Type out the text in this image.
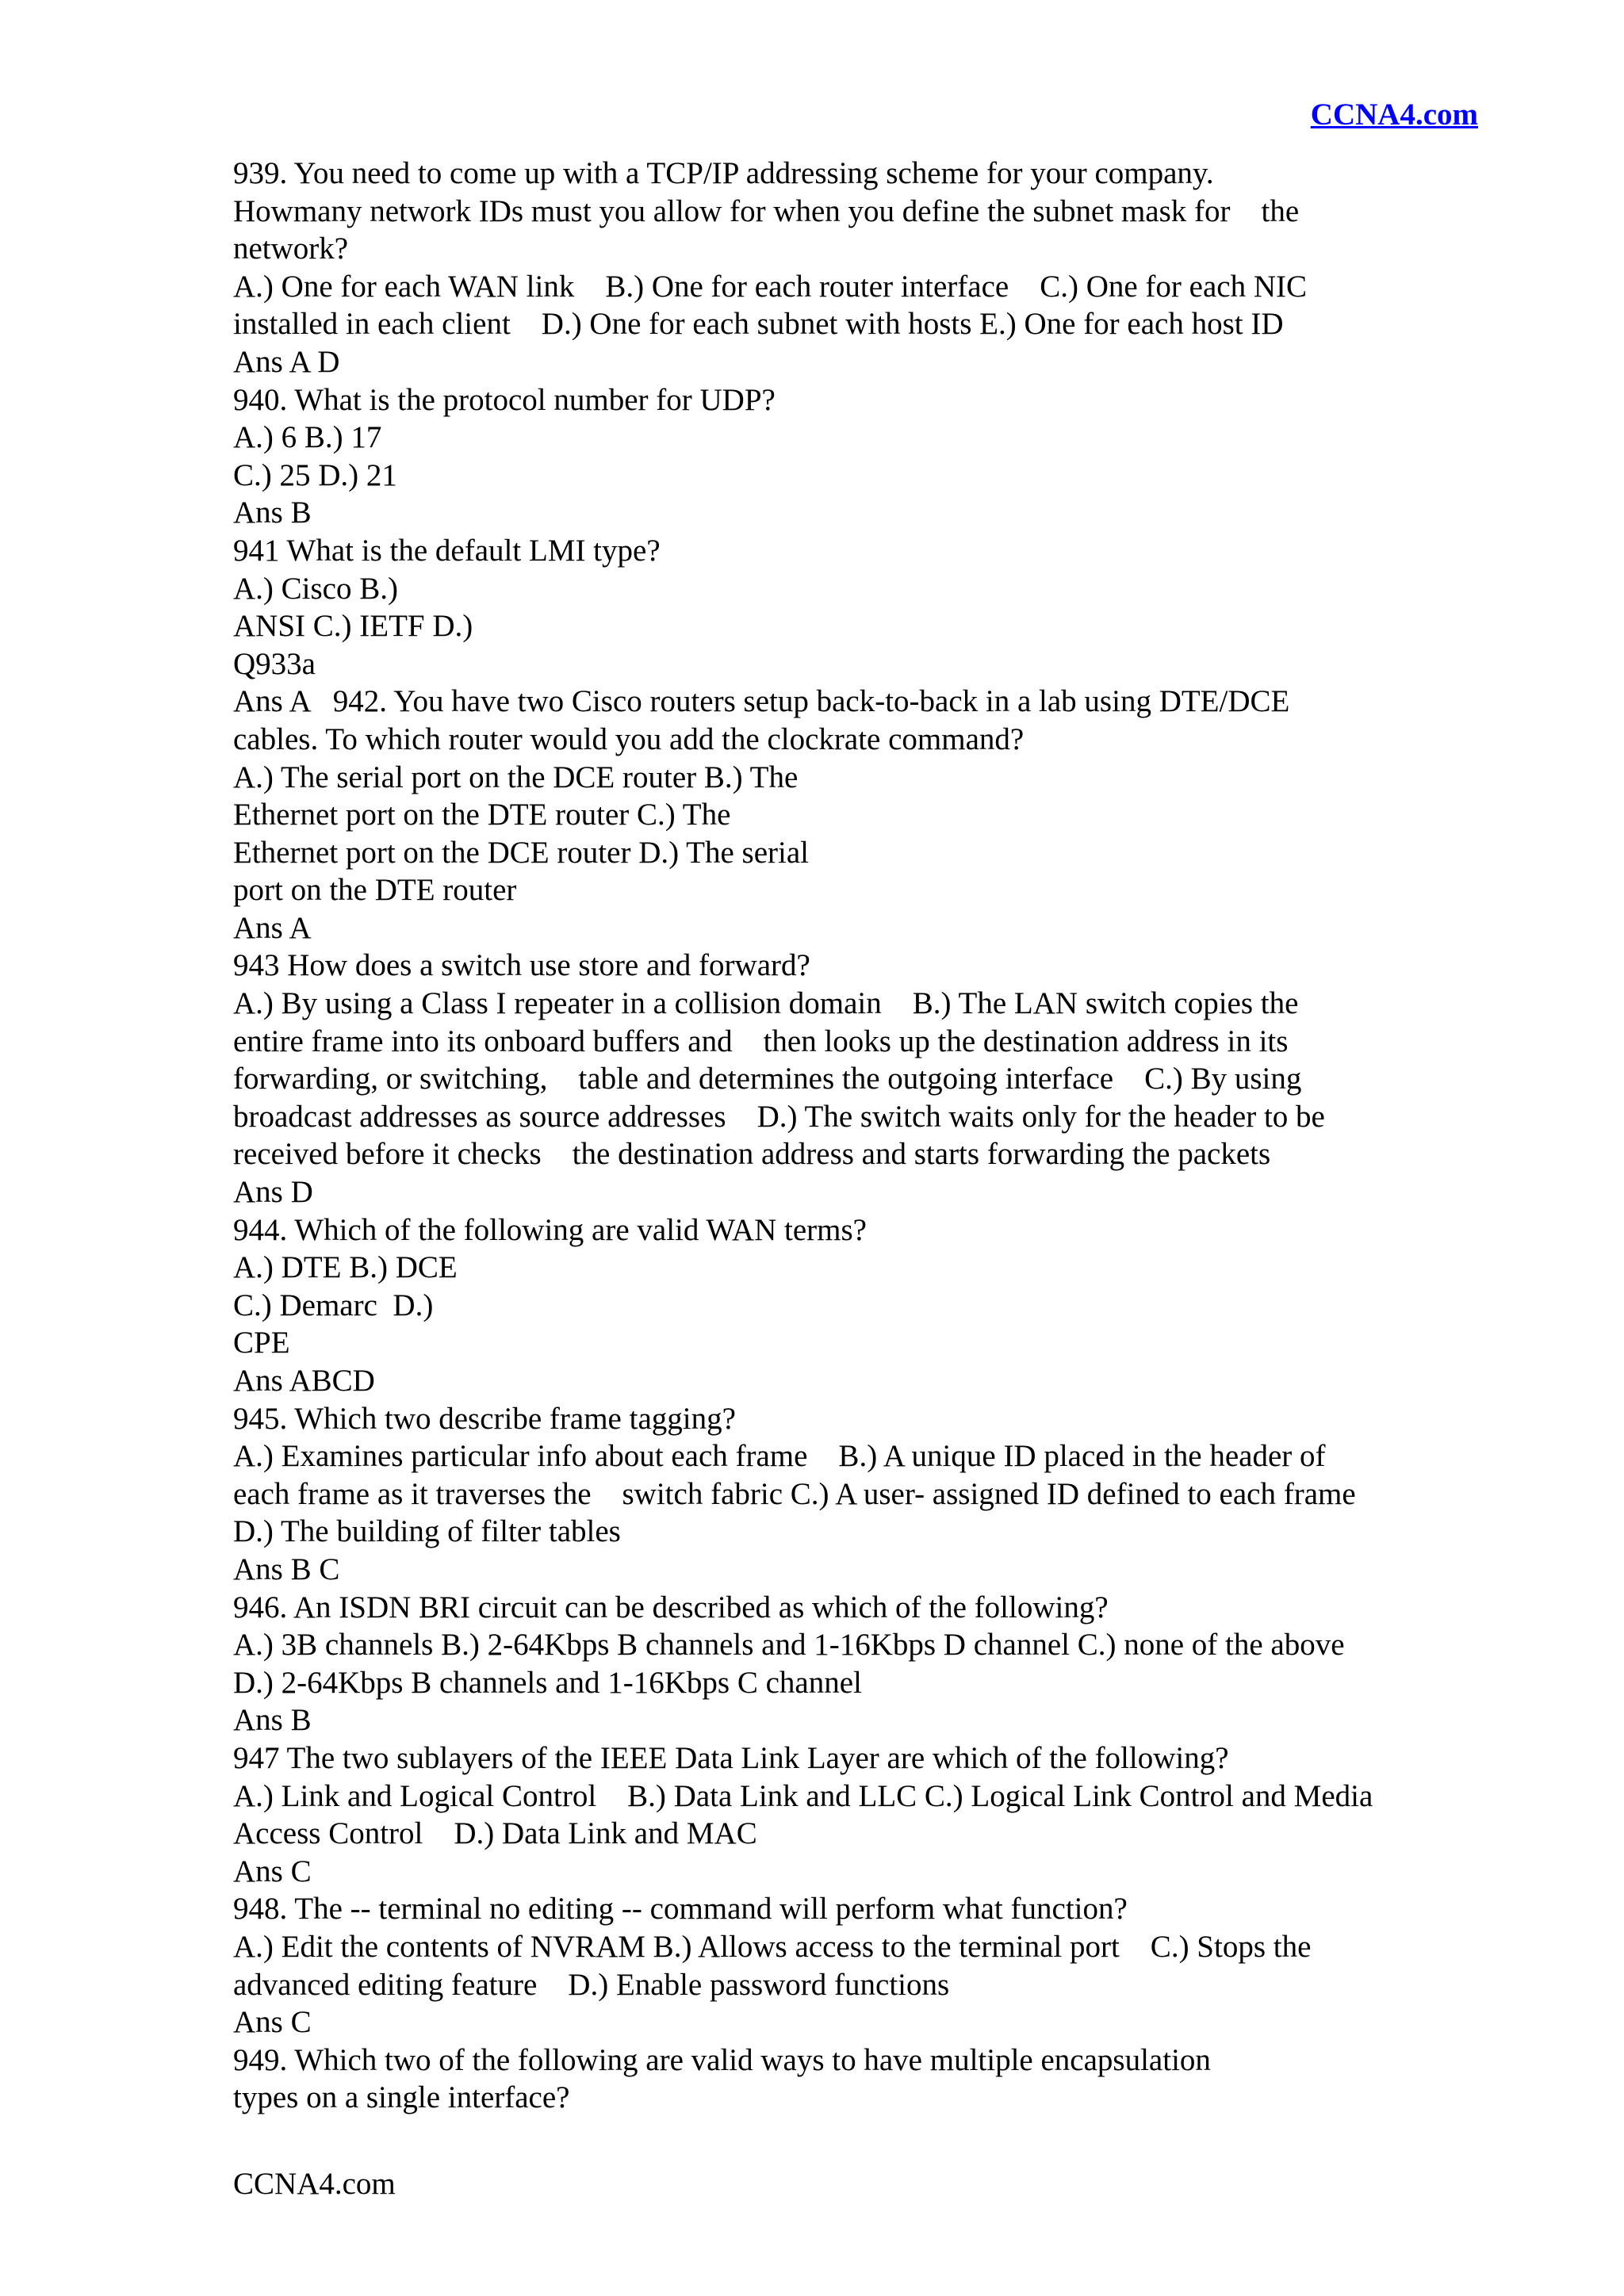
CCNA4.com
939. You need to come up with a TCP/IP addressing scheme for your company.
Howmany network IDs must you allow for when you define the subnet mask for    the
network?
A.) One for each WAN link    B.) One for each router interface    C.) One for each NIC
installed in each client    D.) One for each subnet with hosts E.) One for each host ID
Ans A D
940. What is the protocol number for UDP?
A.) 6 B.) 17
C.) 25 D.) 21
Ans B
941 What is the default LMI type?
A.) Cisco B.)
ANSI C.) IETF D.)
Q933a
Ans A   942. You have two Cisco routers setup back-to-back in a lab using DTE/DCE
cables. To which router would you add the clockrate command?
A.) The serial port on the DCE router B.) The
Ethernet port on the DTE router C.) The
Ethernet port on the DCE router D.) The serial
port on the DTE router
Ans A
943 How does a switch use store and forward?
A.) By using a Class I repeater in a collision domain    B.) The LAN switch copies the
entire frame into its onboard buffers and    then looks up the destination address in its
forwarding, or switching,    table and determines the outgoing interface    C.) By using
broadcast addresses as source addresses    D.) The switch waits only for the header to be
received before it checks    the destination address and starts forwarding the packets
Ans D
944. Which of the following are valid WAN terms?
A.) DTE B.) DCE
C.) Demarc  D.)
CPE
Ans ABCD
945. Which two describe frame tagging?
A.) Examines particular info about each frame    B.) A unique ID placed in the header of
each frame as it traverses the    switch fabric C.) A user- assigned ID defined to each frame
D.) The building of filter tables
Ans B C
946. An ISDN BRI circuit can be described as which of the following?
A.) 3B channels B.) 2-64Kbps B channels and 1-16Kbps D channel C.) none of the above
D.) 2-64Kbps B channels and 1-16Kbps C channel
Ans B
947 The two sublayers of the IEEE Data Link Layer are which of the following?
A.) Link and Logical Control    B.) Data Link and LLC C.) Logical Link Control and Media
Access Control    D.) Data Link and MAC
Ans C
948. The -- terminal no editing -- command will perform what function?
A.) Edit the contents of NVRAM B.) Allows access to the terminal port    C.) Stops the
advanced editing feature    D.) Enable password functions
Ans C
949. Which two of the following are valid ways to have multiple encapsulation
types on a single interface?
CCNA4.com
